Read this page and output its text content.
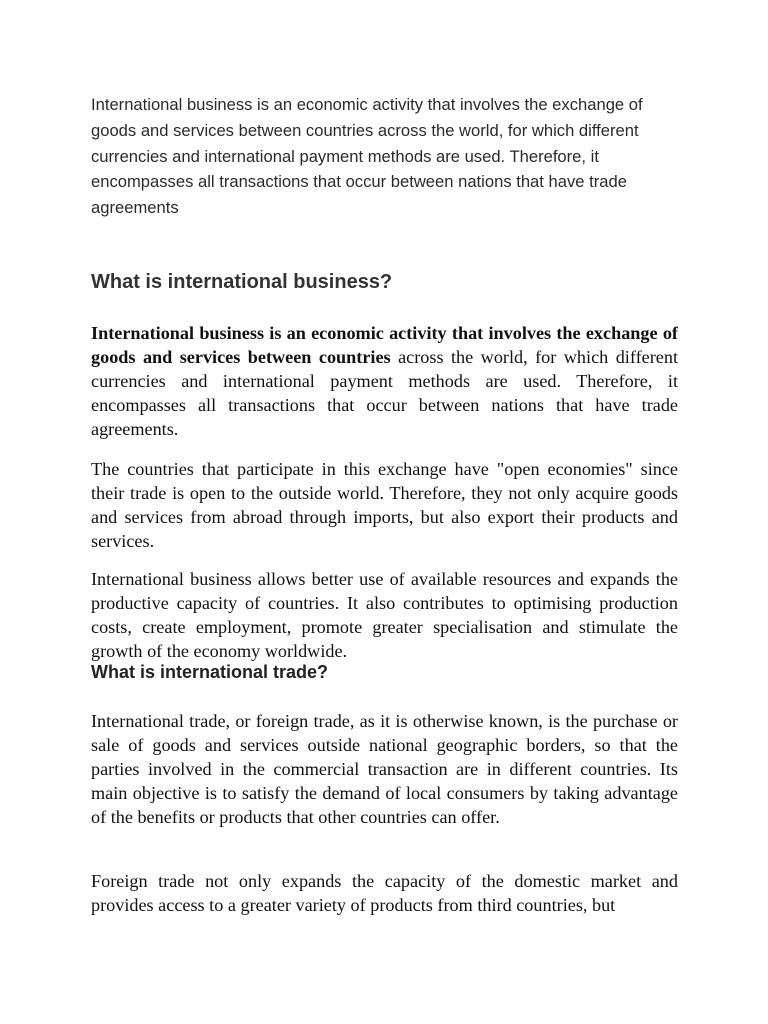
International business is an economic activity that involves the exchange of goods and services between countries across the world, for which different currencies and international payment methods are used. Therefore, it encompasses all transactions that occur between nations that have trade agreements

What is international business?

International business is an economic activity that involves the exchange of goods and services between countries across the world, for which different currencies and international payment methods are used. Therefore, it encompasses all transactions that occur between nations that have trade agreements.

The countries that participate in this exchange have "open economies" since their trade is open to the outside world. Therefore, they not only acquire goods and services from abroad through imports, but also export their products and services.

International business allows better use of available resources and expands the productive capacity of countries. It also contributes to optimising production costs, create employment, promote greater specialisation and stimulate the growth of the economy worldwide.

What is international trade?

International trade, or foreign trade, as it is otherwise known, is the purchase or sale of goods and services outside national geographic borders, so that the parties involved in the commercial transaction are in different countries. Its main objective is to satisfy the demand of local consumers by taking advantage of the benefits or products that other countries can offer.

Foreign trade not only expands the capacity of the domestic market and provides access to a greater variety of products from third countries, but
